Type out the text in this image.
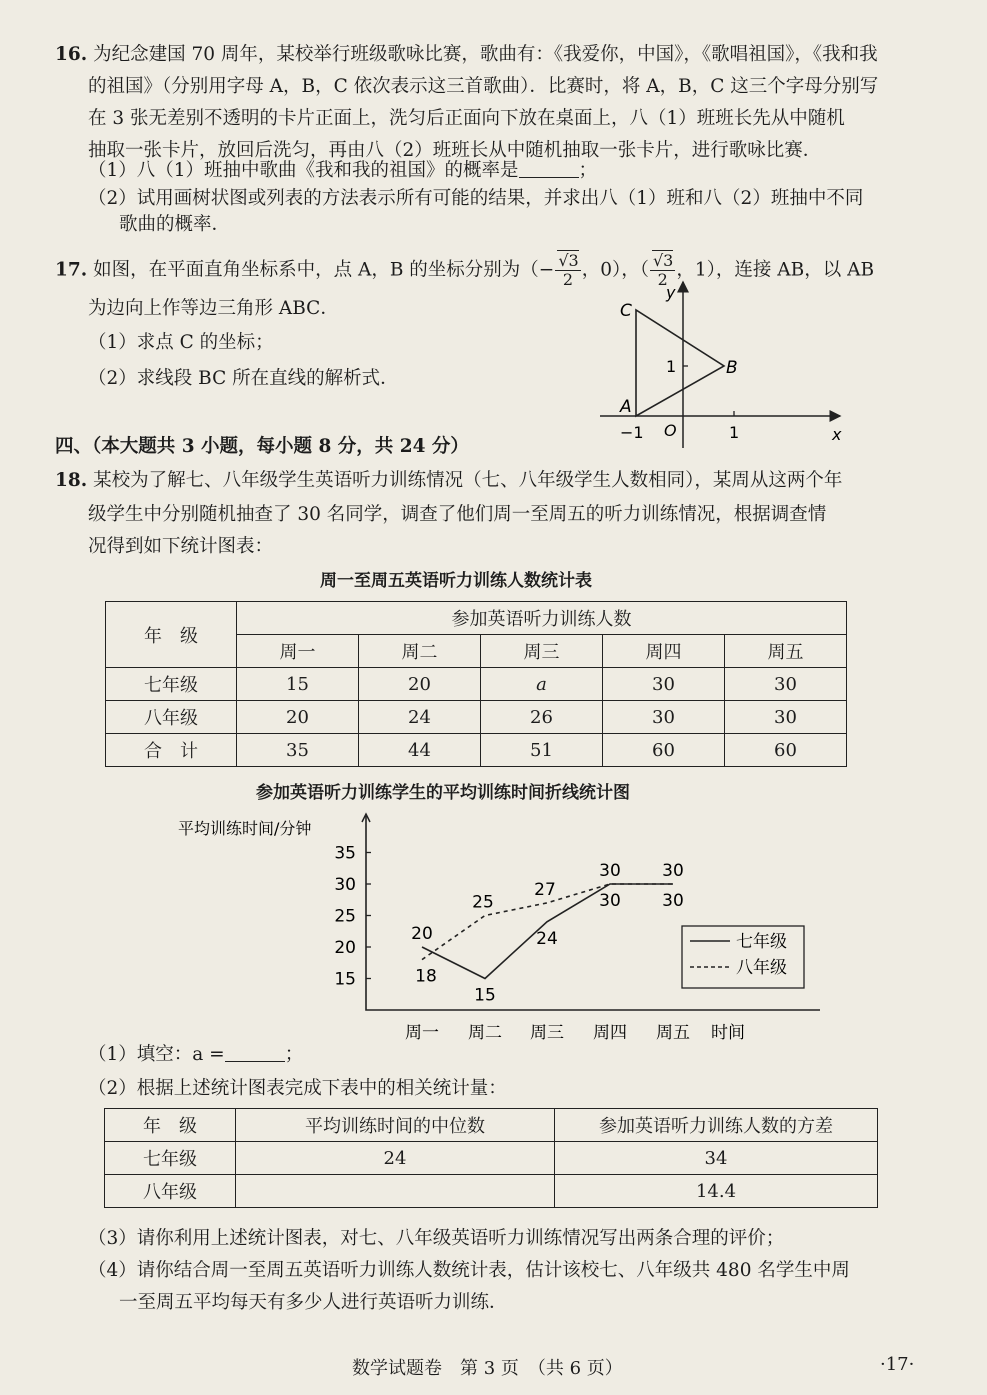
16. 为纪念建国 70 周年，某校举行班级歌咏比赛，歌曲有：《我爱你，中国》，《歌唱祖国》，《我和我
的祖国》（分别用字母 A，B，C 依次表示这三首歌曲）．比赛时，将 A，B，C 这三个字母分别写
在 3 张无差别不透明的卡片正面上，洗匀后正面向下放在桌面上，八（1）班班长先从中随机
抽取一张卡片，放回后洗匀，再由八（2）班班长从中随机抽取一张卡片，进行歌咏比赛．
（1）八（1）班抽中歌曲《我和我的祖国》的概率是	；
（2）试用画树状图或列表的方法表示所有可能的结果，并求出八（1）班和八（2）班抽中不同
歌曲的概率．
17. 如图，在平面直角坐标系中，点 A，B 的坐标分别为（− $\frac{√3}{2}$ ，0），（ $\frac{√3}{2}$ ，1），连接 AB，以 AB
为边向上作等边三角形 ABC．
（1）求点 C 的坐标；
（2）求线段 BC 所在直线的解析式．
y
x
C
B
A
O
−1	1
1
四、（本大题共 3 小题，每小题 8 分，共 24 分）
18. 某校为了解七、八年级学生英语听力训练情况（七、八年级学生人数相同），某周从这两个年
级学生中分别随机抽查了 30 名同学，调查了他们周一至周五的听力训练情况，根据调查情
况得到如下统计图表：
周一至周五英语听力训练人数统计表
年　级	参加英语听力训练人数				
	周一	周二	周三	周四	周五
七年级	15	20	a	30	30
八年级	20	24	26	30	30
合　计	35	44	51	60	60
参加英语听力训练学生的平均训练时间折线统计图
平均训练时间/分钟
15
20
25
30
35
周一 周二 周三 周四 周五 时间
20
15
24
30 30
18
25
27
30 30
七年级
八年级
（1）填空：a =	；
（2）根据上述统计图表完成下表中的相关统计量：
年　级	平均训练时间的中位数	参加英语听力训练人数的方差
七年级	24	34
八年级		14.4
（3）请你利用上述统计图表，对七、八年级英语听力训练情况写出两条合理的评价；
（4）请你结合周一至周五英语听力训练人数统计表，估计该校七、八年级共 480 名学生中周
一至周五平均每天有多少人进行英语听力训练．
数学试题卷　第 3 页　（共 6 页）	·17·
